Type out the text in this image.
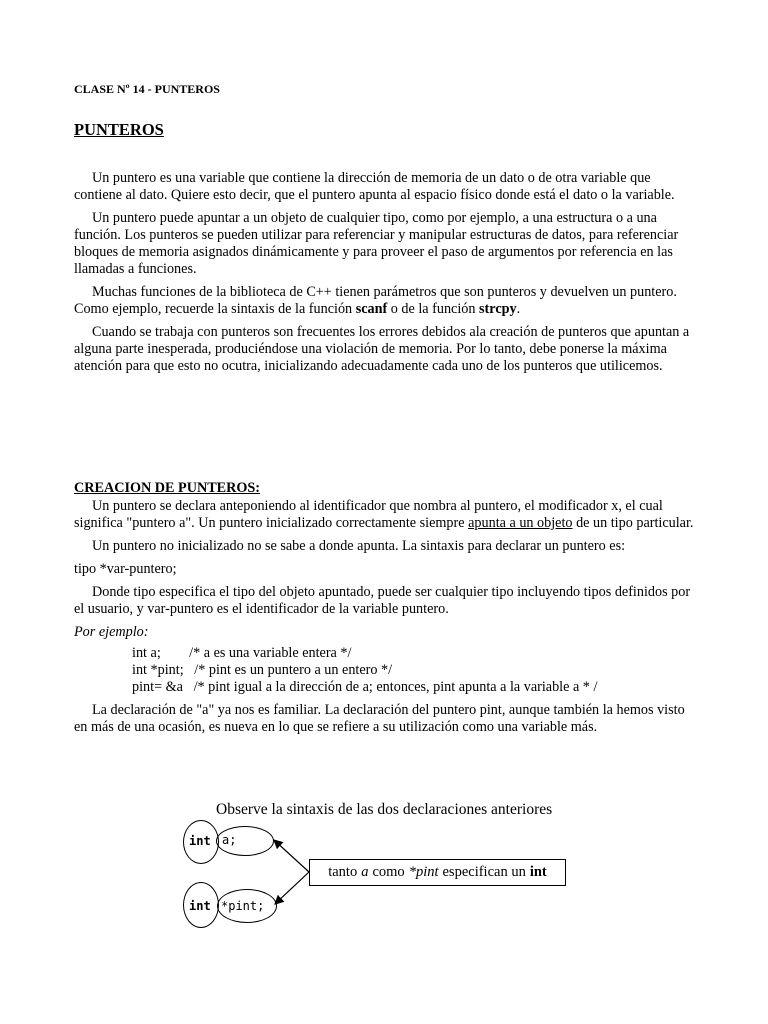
CLASE Nº 14 - PUNTEROS
PUNTEROS

Un puntero es una variable que contiene la dirección de memoria de un dato o de otra variable que contiene al dato. Quiere esto decir, que el puntero apunta al espacio físico donde está el dato o la variable.

Un puntero puede apuntar a un objeto de cualquier tipo, como por ejemplo, a una estructura o a una función. Los punteros se pueden utilizar para referenciar y manipular estructuras de datos, para referenciar bloques de memoria asignados dinámicamente y para proveer el paso de argumentos por referencia en las llamadas a funciones.

Muchas funciones de la biblioteca de C++ tienen parámetros que son punteros y devuelven un puntero. Como ejemplo, recuerde la sintaxis de la función scanf o de la función strcpy.

Cuando se trabaja con punteros son frecuentes los errores debidos ala creación de punteros que apuntan a alguna parte inesperada, produciéndose una violación de memoria. Por lo tanto, debe ponerse la máxima atención para que esto no ocutra, inicializando adecuadamente cada uno de los punteros que utilicemos.

CREACION DE PUNTEROS:

Un puntero se declara anteponiendo al identificador que nombra al puntero, el modificador x, el cual significa "puntero a". Un puntero inicializado correctamente siempre apunta a un objeto de un tipo particular.

Un puntero no inicializado no se sabe a donde apunta. La sintaxis para declarar un puntero es:

tipo *var-puntero;

Donde tipo especifica el tipo del objeto apuntado, puede ser cualquier tipo incluyendo tipos definidos por el usuario, y var-puntero es el identificador de la variable puntero.

Por ejemplo:

int a;        /* a es una variable entera */
int *pint;   /* pint es un puntero a un entero */
pint= &a   /* pint igual a la dirección de a; entonces, pint apunta a la variable a * /

La declaración de "a" ya nos es familiar. La declaración del puntero pint, aunque también la hemos visto en más de una ocasión, es nueva en lo que se refiere a su utilización como una variable más.

Observe la sintaxis de las dos declaraciones anteriores
int a;
int *pint;
tanto a como *pint especifican un int
